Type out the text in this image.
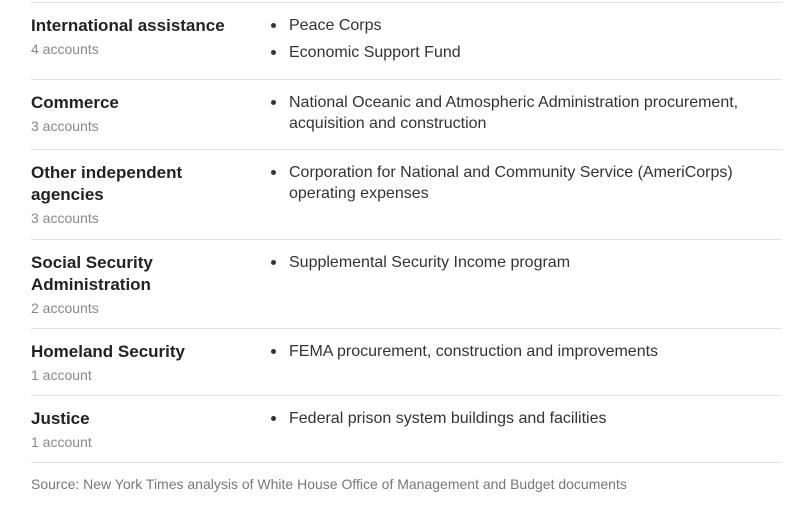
International assistance
4 accounts
Peace Corps
Economic Support Fund
Commerce
3 accounts
National Oceanic and Atmospheric Administration procurement, acquisition and construction
Other independent agencies
3 accounts
Corporation for National and Community Service (AmeriCorps) operating expenses
Social Security Administration
2 accounts
Supplemental Security Income program
Homeland Security
1 account
FEMA procurement, construction and improvements
Justice
1 account
Federal prison system buildings and facilities
Source: New York Times analysis of White House Office of Management and Budget documents
